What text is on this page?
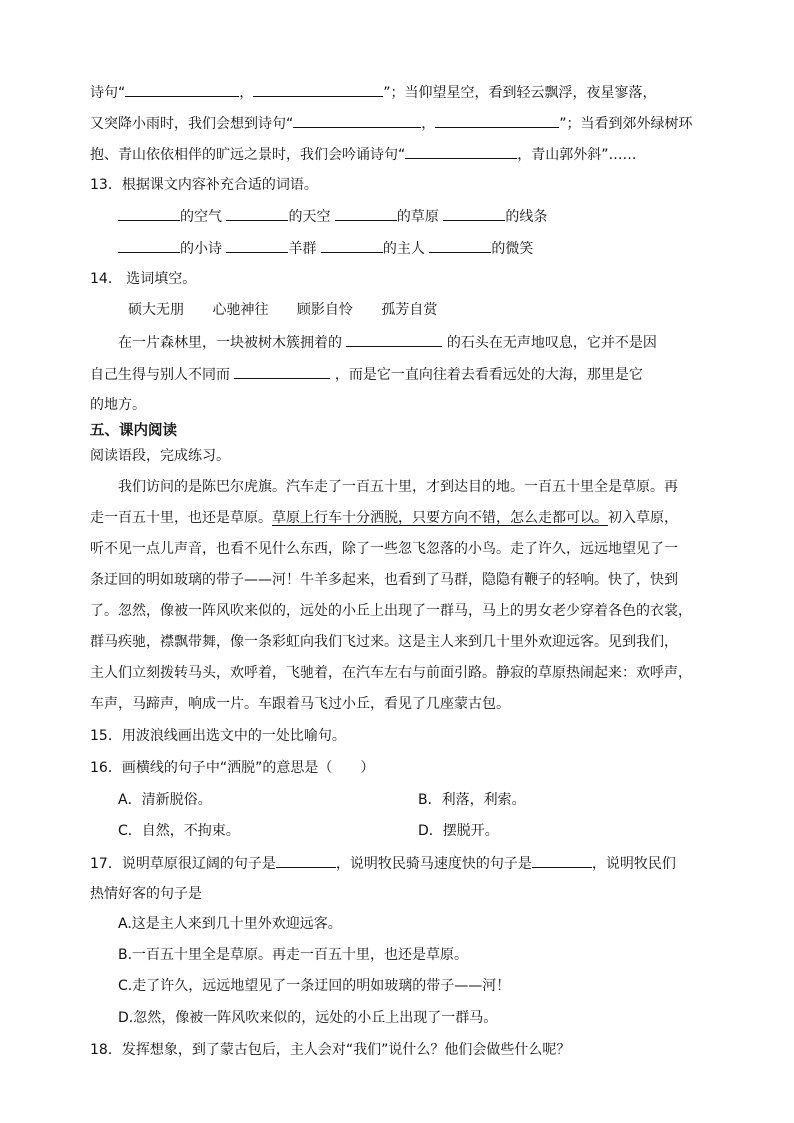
诗句“	，	”；当仰望星空，看到轻云飘浮，夜星寥落，
又突降小雨时，我们会想到诗句“	，	”；当看到郊外绿树环
抱、青山依依相伴的旷远之景时，我们会吟诵诗句“	，青山郭外斜”……
13．根据课文内容补充合适的词语。
的空气	的天空	的草原	的线条
的小诗	羊群	的主人	的微笑
14． 选词填空。
硕大无朋 心驰神往 顾影自怜 孤芳自赏
在一片森林里，一块被树木簇拥着的	的石头在无声地叹息，它并不是因
自己生得与别人不同而	，而是它一直向往着去看看远处的大海，那里是它
的地方。
五、课内阅读
阅读语段，完成练习。
我们访问的是陈巴尔虎旗。汽车走了一百五十里，才到达目的地。一百五十里全是草原。再
走一百五十里，也还是草原。草原上行车十分洒脱，只要方向不错，怎么走都可以。初入草原，
听不见一点儿声音，也看不见什么东西，除了一些忽飞忽落的小鸟。走了许久，远远地望见了一
条迂回的明如玻璃的带子——河！牛羊多起来，也看到了马群，隐隐有鞭子的轻响。快了，快到
了。忽然，像被一阵风吹来似的，远处的小丘上出现了一群马，马上的男女老少穿着各色的衣裳，
群马疾驰，襟飘带舞，像一条彩虹向我们飞过来。这是主人来到几十里外欢迎远客。见到我们，
主人们立刻拨转马头，欢呼着，飞驰着，在汽车左右与前面引路。静寂的草原热闹起来：欢呼声，
车声，马蹄声，响成一片。车跟着马飞过小丘，看见了几座蒙古包。
15．用波浪线画出选文中的一处比喻句。
16．画横线的句子中“洒脱”的意思是（　　）
A．清新脱俗。	B．利落，利索。
C．自然，不拘束。	D．摆脱开。
17．说明草原很辽阔的句子是	，说明牧民骑马速度快的句子是	，说明牧民们
热情好客的句子是
A.这是主人来到几十里外欢迎远客。
B.一百五十里全是草原。再走一百五十里，也还是草原。
C.走了许久，远远地望见了一条迂回的明如玻璃的带子——河！
D.忽然，像被一阵风吹来似的，远处的小丘上出现了一群马。
18．发挥想象，到了蒙古包后，主人会对“我们”说什么？他们会做些什么呢？
